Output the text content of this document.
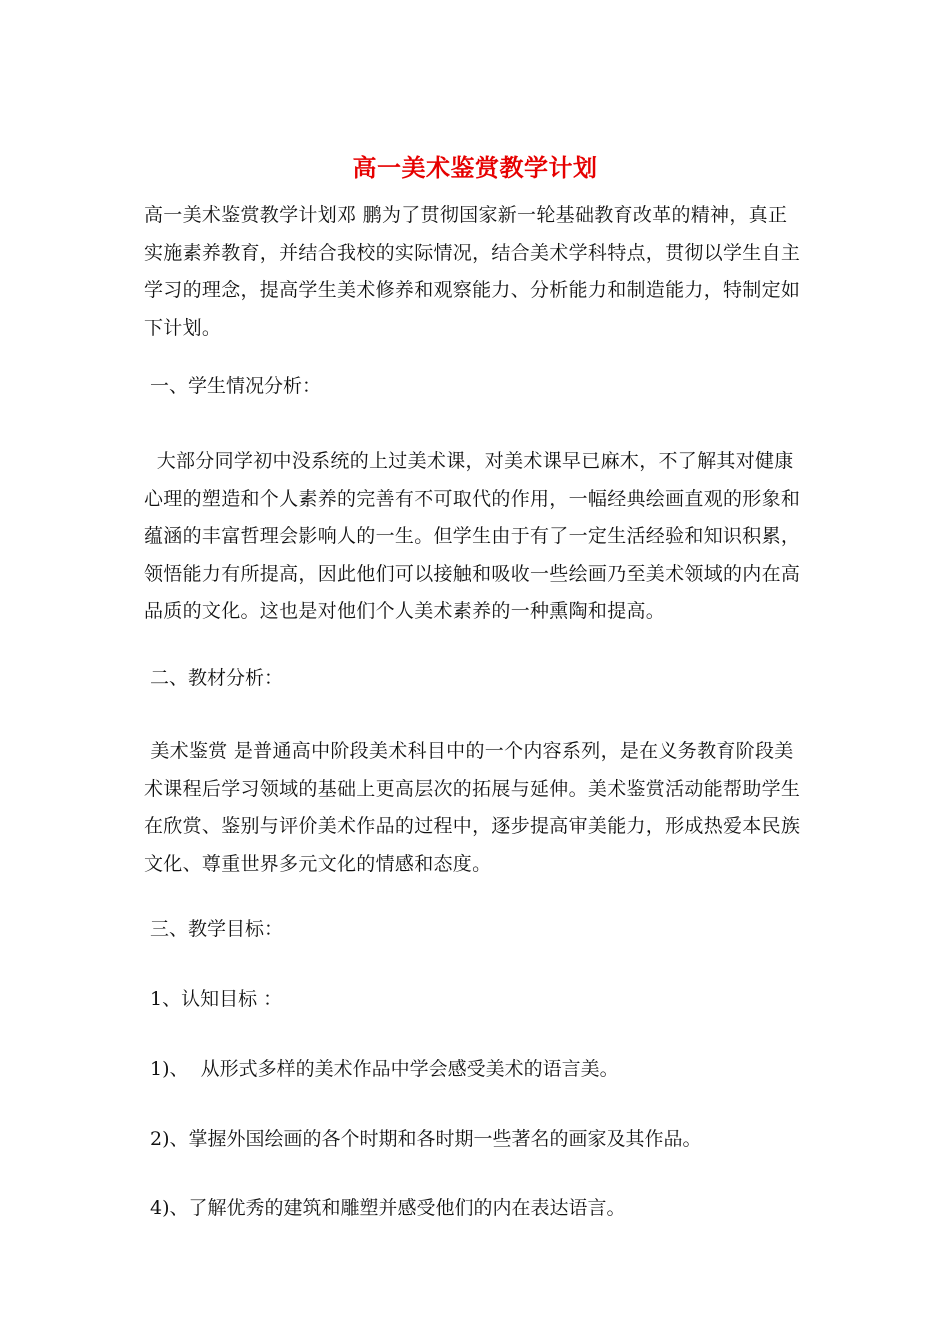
高一美术鉴赏教学计划

高一美术鉴赏教学计划邓 鹏为了贯彻国家新一轮基础教育改革的精神，真正实施素养教育，并结合我校的实际情况，结合美术学科特点，贯彻以学生自主学习的理念，提高学生美术修养和观察能力、分析能力和制造能力，特制定如下计划。

一、学生情况分析：

大部分同学初中没系统的上过美术课，对美术课早已麻木，不了解其对健康心理的塑造和个人素养的完善有不可取代的作用，一幅经典绘画直观的形象和蕴涵的丰富哲理会影响人的一生。但学生由于有了一定生活经验和知识积累，领悟能力有所提高，因此他们可以接触和吸收一些绘画乃至美术领域的内在高品质的文化。这也是对他们个人美术素养的一种熏陶和提高。

二、教材分析：

美术鉴赏 是普通高中阶段美术科目中的一个内容系列，是在义务教育阶段美术课程后学习领域的基础上更高层次的拓展与延伸。美术鉴赏活动能帮助学生在欣赏、鉴别与评价美术作品的过程中，逐步提高审美能力，形成热爱本民族文化、尊重世界多元文化的情感和态度。

三、教学目标：

1、认知目标 ：

1)、  从形式多样的美术作品中学会感受美术的语言美。

2)、掌握外国绘画的各个时期和各时期一些著名的画家及其作品。

4)、了解优秀的建筑和雕塑并感受他们的内在表达语言。
